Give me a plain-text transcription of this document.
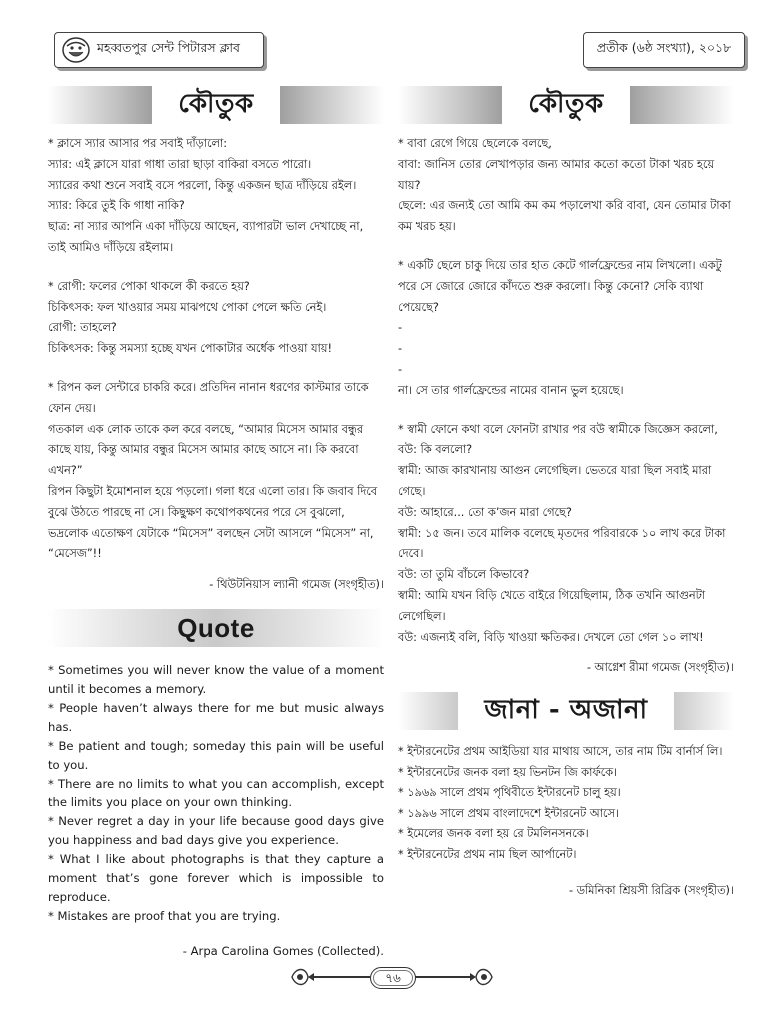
মহব্বতপুর সেন্ট পিটারস ক্লাব	প্রতীক (৬ষ্ঠ সংখ্যা), ২০১৮
কৌতুক

* ক্লাসে স্যার আসার পর সবাই দাঁড়ালো:

স্যার: এই ক্লাসে যারা গাধা তারা ছাড়া বাকিরা বসতে পারো।

স্যারের কথা শুনে সবাই বসে পরলো, কিন্তু একজন ছাত্র দাঁড়িয়ে রইল।

স্যার: কিরে তুই কি গাধা নাকি?

ছাত্র: না স্যার আপনি একা দাঁড়িয়ে আছেন, ব্যাপারটা ভাল দেখাচ্ছে না, তাই আমিও দাঁড়িয়ে রইলাম।

* রোগী: ফলের পোকা থাকলে কী করতে হয়?

চিকিৎসক: ফল খাওয়ার সময় মাঝপথে পোকা পেলে ক্ষতি নেই।

রোগী: তাহলে?

চিকিৎসক: কিন্তু সমস্যা হচ্ছে যখন পোকাটার অর্ধেক পাওয়া যায়!

* রিপন কল সেন্টারে চাকরি করে। প্রতিদিন নানান ধরণের কাস্টমার তাকে ফোন দেয়।

গতকাল এক লোক তাকে কল করে বলছে, “আমার মিসেস আমার বন্ধুর কাছে যায়, কিন্তু আমার বন্ধুর মিসেস আমার কাছে আসে না। কি করবো এখন?”

রিপন কিছুটা ইমোশনাল হয়ে পড়লো। গলা ধরে এলো তার। কি জবাব দিবে বুঝে উঠতে পারছে না সে। কিছুক্ষণ কথোপকথনের পরে সে বুঝলো, ভদ্রলোক এতোক্ষণ যেটাকে “মিসেস” বলছেন সেটা আসলে “মিসেস” না, “মেসেজ”!!

- থিউটনিয়াস ল্যানী গমেজ (সংগৃহীত)।
Quote

* Sometimes you will never know the value of a moment until it becomes a memory.

* People haven’t always there for me but music always has.

* Be patient and tough; someday this pain will be useful to you.

* There are no limits to what you can accomplish, except the limits you place on your own thinking.

* Never regret a day in your life because good days give you happiness and bad days give you experience.

* What I like about photographs is that they capture a moment that’s gone forever which is impossible to reproduce.

* Mistakes are proof that you are trying.

- Arpa Carolina Gomes (Collected).
কৌতুক

* বাবা রেগে গিয়ে ছেলেকে বলছে,

বাবা: জানিস তোর লেখাপড়ার জন্য আমার কতো কতো টাকা খরচ হয়ে যায়?

ছেলে: এর জন্যই তো আমি কম কম পড়ালেখা করি বাবা, যেন তোমার টাকা কম খরচ হয়।

* একটি ছেলে চাকু দিয়ে তার হাত কেটে গার্লফ্রেন্ডের নাম লিখলো। একটু পরে সে জোরে জোরে কাঁদতে শুরু করলো। কিন্তু কেনো? সেকি ব্যাথা পেয়েছে?

-

-

-

না। সে তার গার্লফ্রেন্ডের নামের বানান ভুল হয়েছে।

* স্বামী ফোনে কথা বলে ফোনটা রাখার পর বউ স্বামীকে জিজ্ঞেস করলো,

বউ: কি বললো?

স্বামী: আজ কারখানায় আগুন লেগেছিল। ভেতরে যারা ছিল সবাই মারা গেছে।

বউ: আহারে... তো ক’জন মারা গেছে?

স্বামী: ১৫ জন। তবে মালিক বলেছে মৃতদের পরিবারকে ১০ লাখ করে টাকা দেবে।

বউ: তা তুমি বাঁচলে কিভাবে?

স্বামী: আমি যখন বিড়ি খেতে বাইরে গিয়েছিলাম, ঠিক তখনি আগুনটা লেগেছিল।

বউ: এজন্যই বলি, বিড়ি খাওয়া ক্ষতিকর। দেখলে তো গেল ১০ লাখ!

- আগ্নেশ রীমা গমেজ (সংগৃহীত)।
জানা - অজানা

* ইন্টারনেটের প্রথম আইডিয়া যার মাথায় আসে, তার নাম টিম বার্নার্স লি।

* ইন্টারনেটের জনক বলা হয় ভিনটন জি কার্ফকে।

* ১৯৬৯ সালে প্রথম পৃথিবীতে ইন্টারনেট চালু হয়।

* ১৯৯৬ সালে প্রথম বাংলাদেশে ইন্টারনেট আসে।

* ইমেলের জনক বলা হয় রে টমলিনসনকে।

* ইন্টারনেটের প্রথম নাম ছিল আর্পানেট।

- ডমিনিকা শ্রিয়সী রিব্রিক (সংগৃহীত)।
৭৬
